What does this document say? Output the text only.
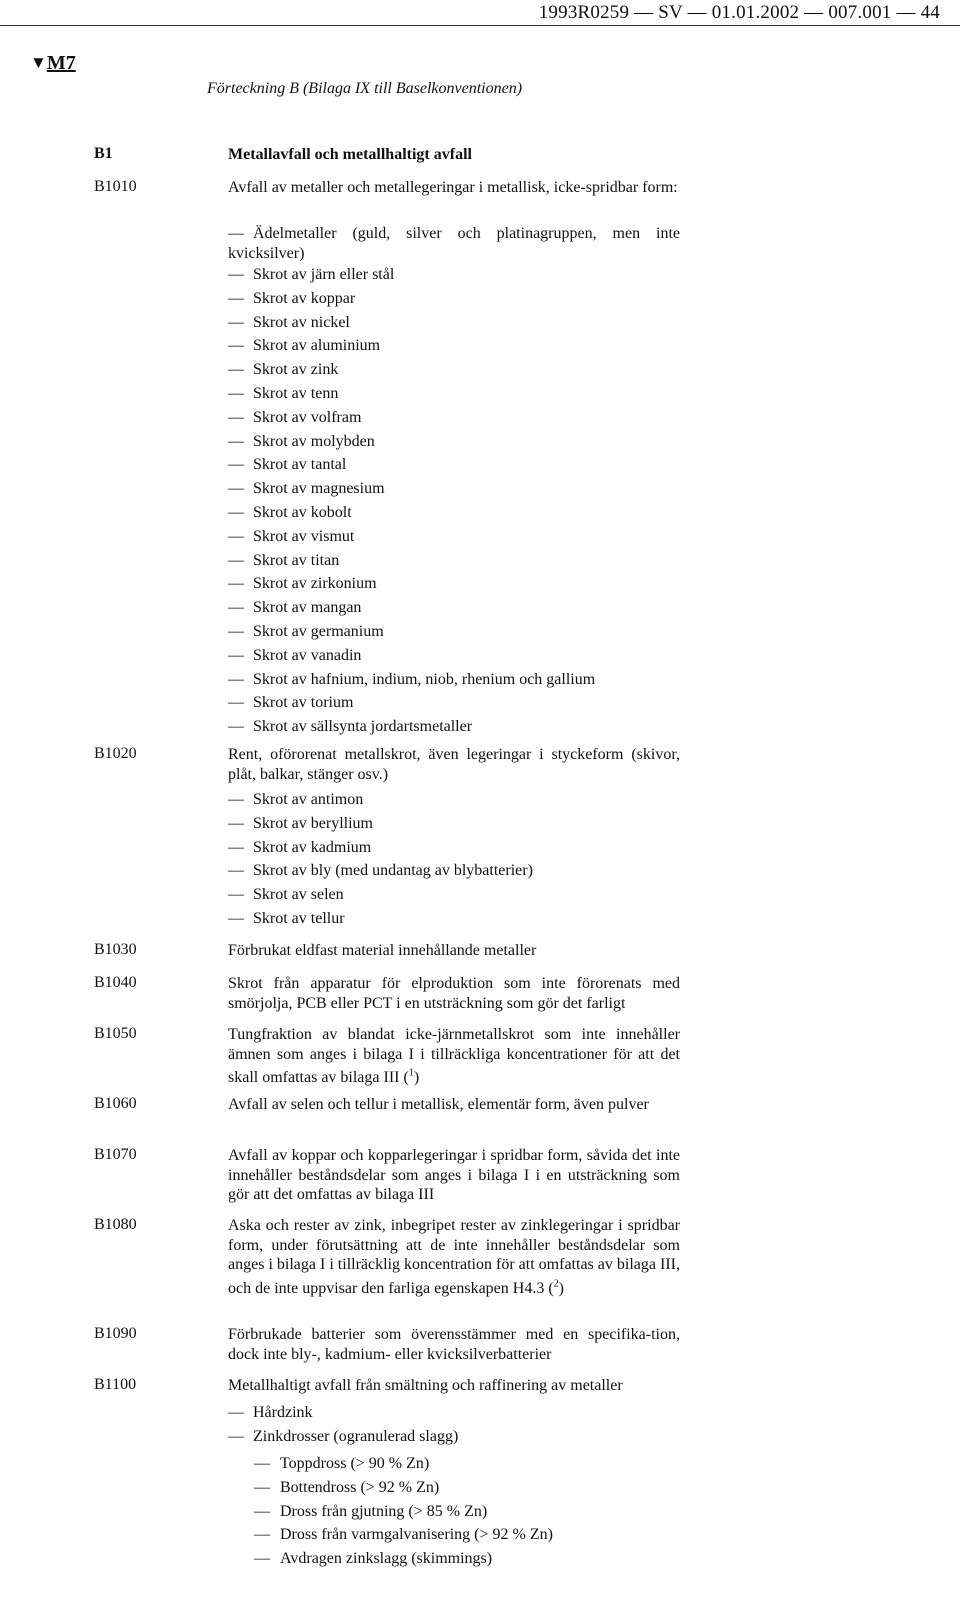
1993R0259 — SV — 01.01.2002 — 007.001 — 44
▼M7
Förteckning B (Bilaga IX till Baselkonventionen)
B1	Metallavfall och metallhaltigt avfall
B1010	Avfall av metaller och metallegeringar i metallisk, icke-spridbar form:
— Ädelmetaller (guld, silver och platinagruppen, men inte kvicksilver)
— Skrot av järn eller stål
— Skrot av koppar
— Skrot av nickel
— Skrot av aluminium
— Skrot av zink
— Skrot av tenn
— Skrot av volfram
— Skrot av molybden
— Skrot av tantal
— Skrot av magnesium
— Skrot av kobolt
— Skrot av vismut
— Skrot av titan
— Skrot av zirkonium
— Skrot av mangan
— Skrot av germanium
— Skrot av vanadin
— Skrot av hafnium, indium, niob, rhenium och gallium
— Skrot av torium
— Skrot av sällsynta jordartsmetaller
B1020	Rent, oförorenat metallskrot, även legeringar i styckeform (skivor, plåt, balkar, stänger osv.)
— Skrot av antimon
— Skrot av beryllium
— Skrot av kadmium
— Skrot av bly (med undantag av blybatterier)
— Skrot av selen
— Skrot av tellur
B1030	Förbrukat eldfast material innehållande metaller
B1040	Skrot från apparatur för elproduktion som inte förorenats med smörjolja, PCB eller PCT i en utsträckning som gör det farligt
B1050	Tungfraktion av blandat icke-järnmetallskrot som inte innehåller ämnen som anges i bilaga I i tillräckliga koncentrationer för att det skall omfattas av bilaga III ($^1$)
B1060	Avfall av selen och tellur i metallisk, elementär form, även pulver
B1070	Avfall av koppar och kopparlegeringar i spridbar form, såvida det inte innehåller beståndsdelar som anges i bilaga I i en utsträckning som gör att det omfattas av bilaga III
B1080	Aska och rester av zink, inbegripet rester av zinklegeringar i spridbar form, under förutsättning att de inte innehåller beståndsdelar som anges i bilaga I i tillräcklig koncentration för att omfattas av bilaga III, och de inte uppvisar den farliga egenskapen H4.3 ($^2$)
B1090	Förbrukade batterier som överensstämmer med en specifika-tion, dock inte bly-, kadmium- eller kvicksilverbatterier
B1100	Metallhaltigt avfall från smältning och raffinering av metaller
— Hårdzink
— Zinkdrosser (ogranulerad slagg)
— Toppdross (> 90 % Zn)
— Bottendross (> 92 % Zn)
— Dross från gjutning (> 85 % Zn)
— Dross från varmgalvanisering (> 92 % Zn)
— Avdragen zinkslagg (skimmings)
